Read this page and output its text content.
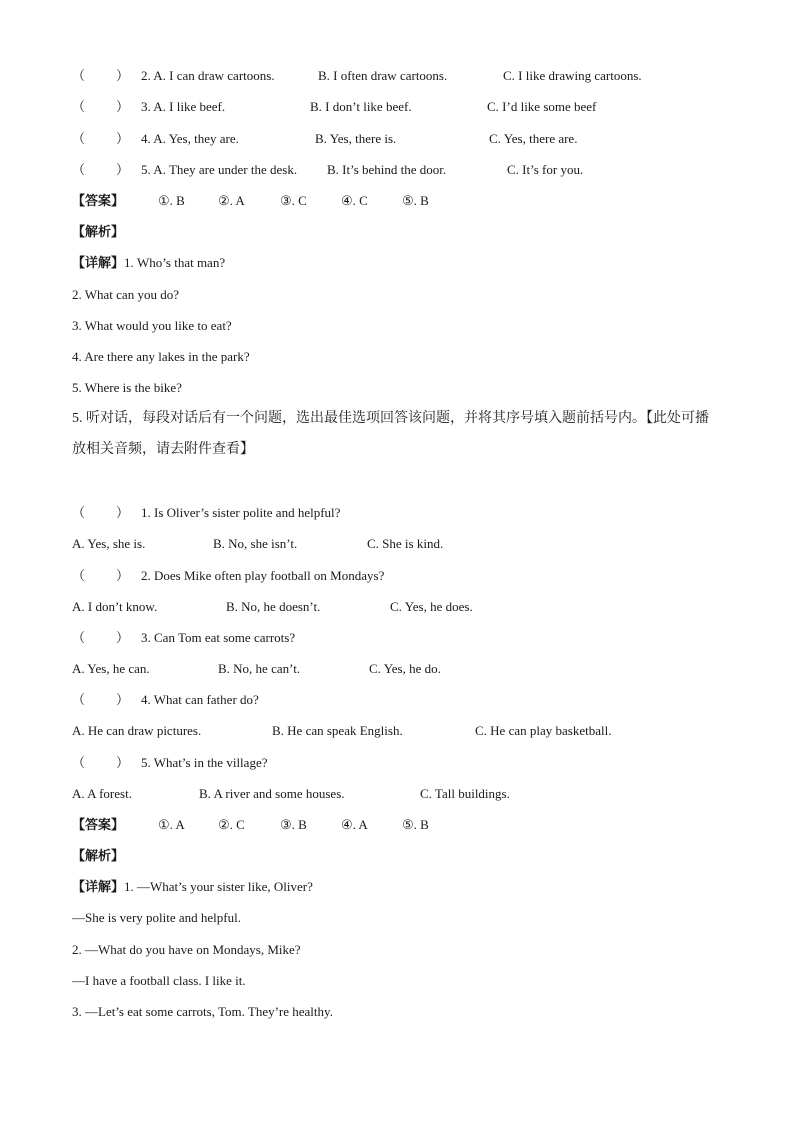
（ ） 2. A. I can draw cartoons.	B. I often draw cartoons.	C. I like drawing cartoons.
（ ） 3. A. I like beef.	B. I don’t like beef.	C. I’d like some beef
（ ） 4. A. Yes, they are.	B. Yes, there is.	C. Yes, there are.
（ ） 5. A. They are under the desk. B. It’s behind the door.	C. It’s for you.
【答案】	①. B	②. A	③. C	④. C	⑤. B
【解析】
【详解】1. Who’s that man?
2. What can you do?
3. What would you like to eat?
4. Are there any lakes in the park?
5. Where is the bike?
5. 听对话，每段对话后有一个问题，选出最佳选项回答该问题，并将其序号填入题前括号内。【此处可播
放相关音频，请去附件查看】
（ ） 1. Is Oliver’s sister polite and helpful?
A. Yes, she is.	B. No, she isn’t.	C. She is kind.
（ ） 2. Does Mike often play football on Mondays?
A. I don’t know.	B. No, he doesn’t.	C. Yes, he does.
（ ） 3. Can Tom eat some carrots?
A. Yes, he can.	B. No, he can’t.	C. Yes, he do.
（ ） 4. What can father do?
A. He can draw pictures.	B. He can speak English.	C. He can play basketball.
（ ） 5. What’s in the village?
A. A forest.	B. A river and some houses.	C. Tall buildings.
【答案】	①. A	②. C	③. B	④. A	⑤. B
【解析】
【详解】1. —What’s your sister like, Oliver?
—She is very polite and helpful.
2. —What do you have on Mondays, Mike?
—I have a football class. I like it.
3. —Let’s eat some carrots, Tom. They’re healthy.
